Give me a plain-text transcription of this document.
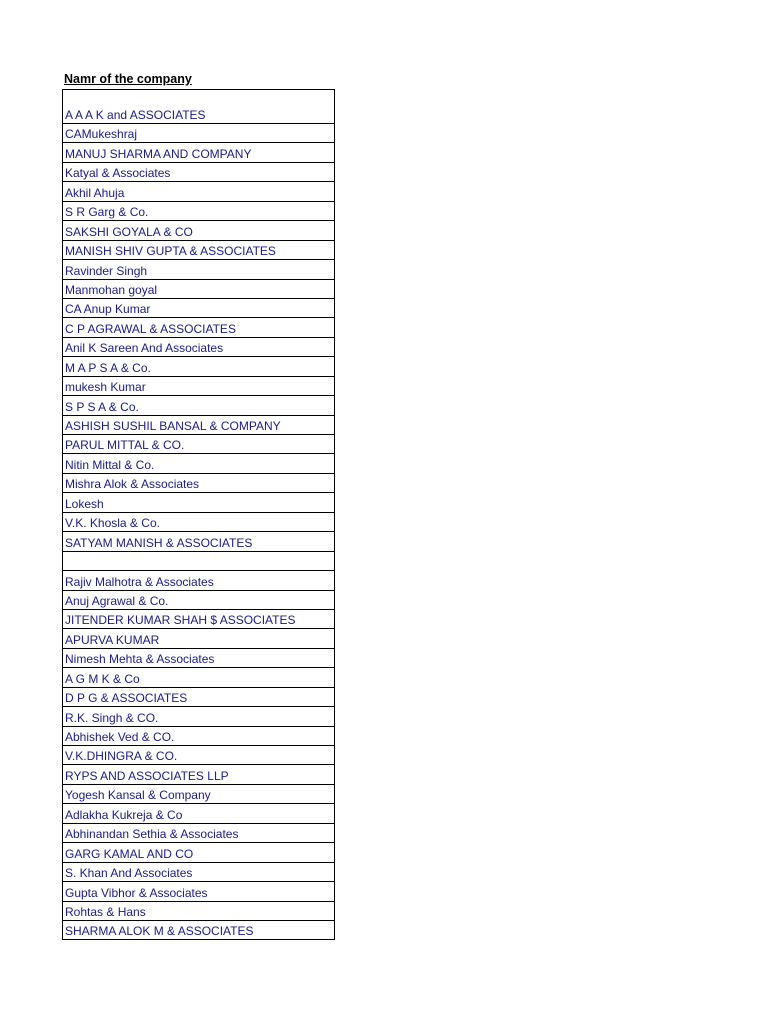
Namr of the company
A A A K and ASSOCIATES
CAMukeshraj
MANUJ SHARMA AND COMPANY
Katyal & Associates
Akhil Ahuja
S R Garg & Co.
SAKSHI GOYALA & CO
MANISH SHIV GUPTA & ASSOCIATES
Ravinder Singh
Manmohan goyal
CA Anup Kumar
C P AGRAWAL & ASSOCIATES
Anil K Sareen And Associates
M A P S A & Co.
mukesh Kumar
S P S A & Co.
ASHISH SUSHIL BANSAL & COMPANY
PARUL MITTAL & CO.
Nitin Mittal & Co.
Mishra Alok & Associates
Lokesh
V.K. Khosla & Co.
SATYAM MANISH & ASSOCIATES

Rajiv Malhotra & Associates
Anuj Agrawal & Co.
JITENDER KUMAR SHAH $ ASSOCIATES
APURVA KUMAR
Nimesh Mehta & Associates
A G M K & Co
D P G & ASSOCIATES
R.K. Singh & CO.
Abhishek Ved & CO.
V.K.DHINGRA & CO.
RYPS AND ASSOCIATES LLP
Yogesh Kansal & Company
Adlakha Kukreja & Co
Abhinandan Sethia & Associates
GARG KAMAL AND CO
S. Khan And Associates
Gupta Vibhor & Associates
Rohtas & Hans
SHARMA ALOK M & ASSOCIATES
